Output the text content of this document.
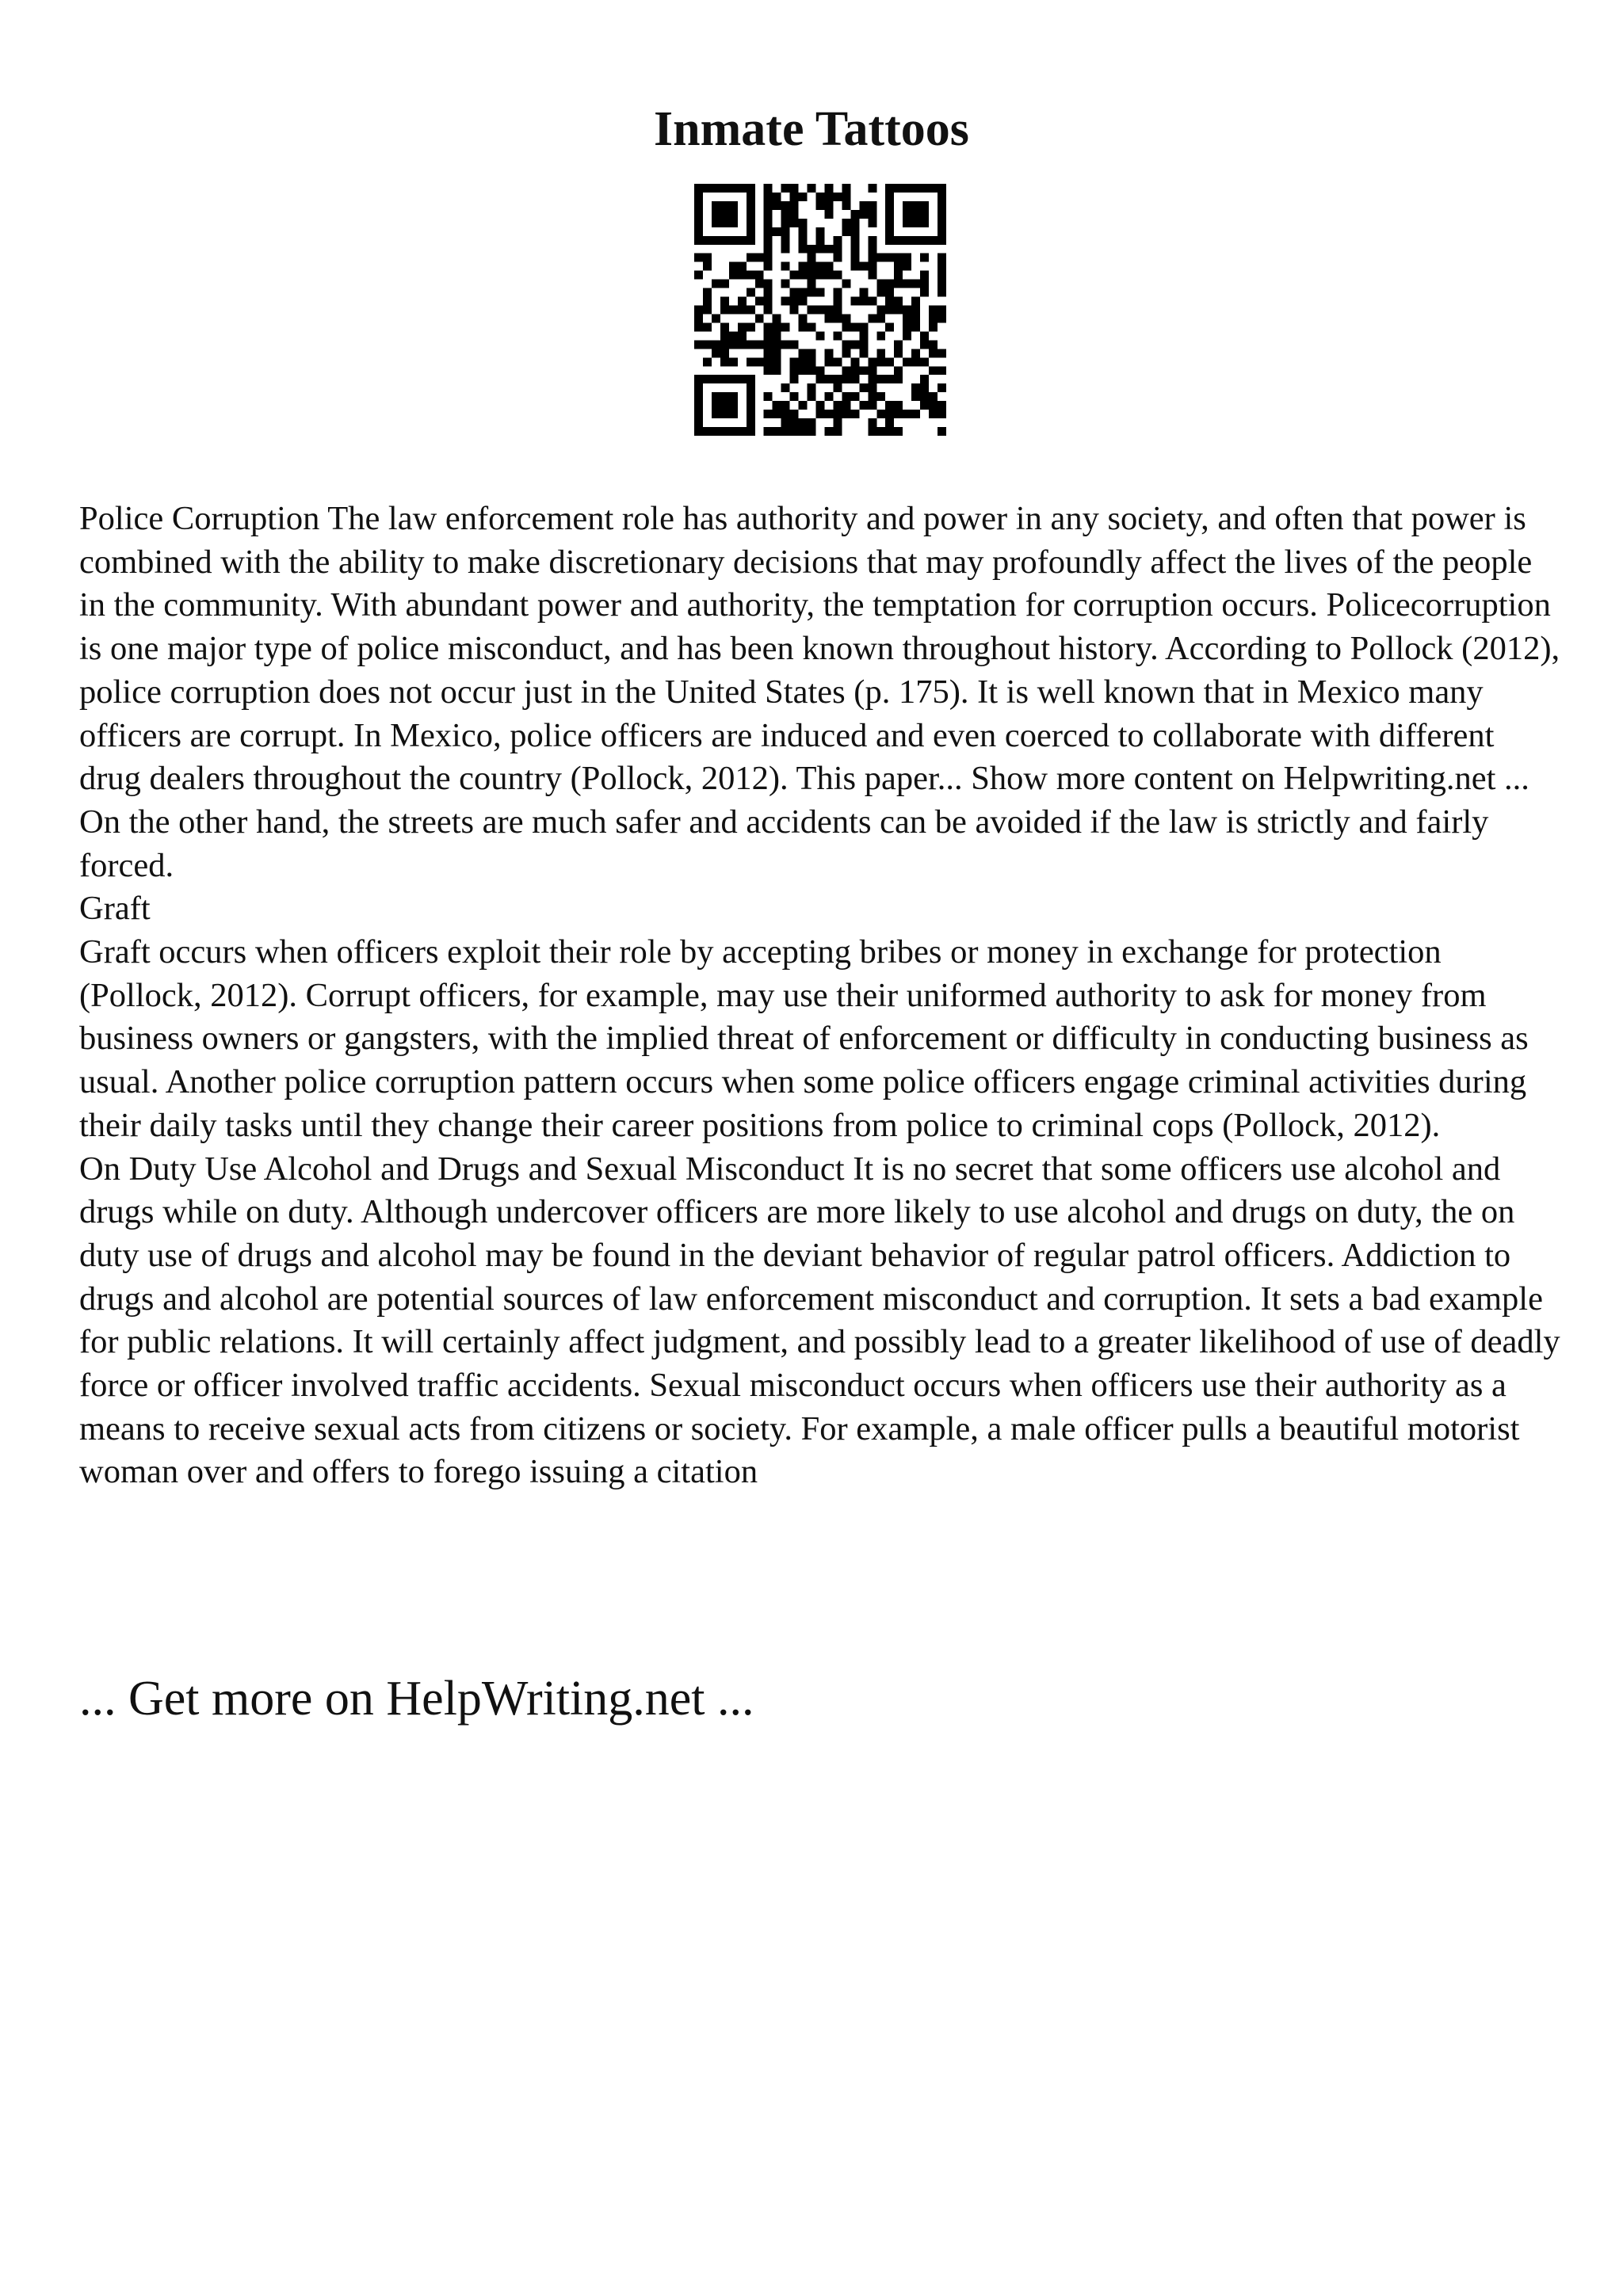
Inmate Tattoos

Police Corruption The law enforcement role has authority and power in any society, and often that power is combined with the ability to make discretionary decisions that may profoundly affect the lives of the people in the community. With abundant power and authority, the temptation for corruption occurs. Policecorruption is one major type of police misconduct, and has been known throughout history. According to Pollock (2012), police corruption does not occur just in the United States (p. 175). It is well known that in Mexico many officers are corrupt. In Mexico, police officers are induced and even coerced to collaborate with different drug dealers throughout the country (Pollock, 2012). This paper... Show more content on Helpwriting.net ...

On the other hand, the streets are much safer and accidents can be avoided if the law is strictly and fairly forced.

Graft

Graft occurs when officers exploit their role by accepting bribes or money in exchange for protection (Pollock, 2012). Corrupt officers, for example, may use their uniformed authority to ask for money from business owners or gangsters, with the implied threat of enforcement or difficulty in conducting business as usual. Another police corruption pattern occurs when some police officers engage criminal activities during their daily tasks until they change their career positions from police to criminal cops (Pollock, 2012).

On Duty Use Alcohol and Drugs and Sexual Misconduct It is no secret that some officers use alcohol and drugs while on duty. Although undercover officers are more likely to use alcohol and drugs on duty, the on duty use of drugs and alcohol may be found in the deviant behavior of regular patrol officers. Addiction to drugs and alcohol are potential sources of law enforcement misconduct and corruption. It sets a bad example for public relations. It will certainly affect judgment, and possibly lead to a greater likelihood of use of deadly force or officer involved traffic accidents. Sexual misconduct occurs when officers use their authority as a means to receive sexual acts from citizens or society. For example, a male officer pulls a beautiful motorist woman over and offers to forego issuing a citation

... Get more on HelpWriting.net ...
